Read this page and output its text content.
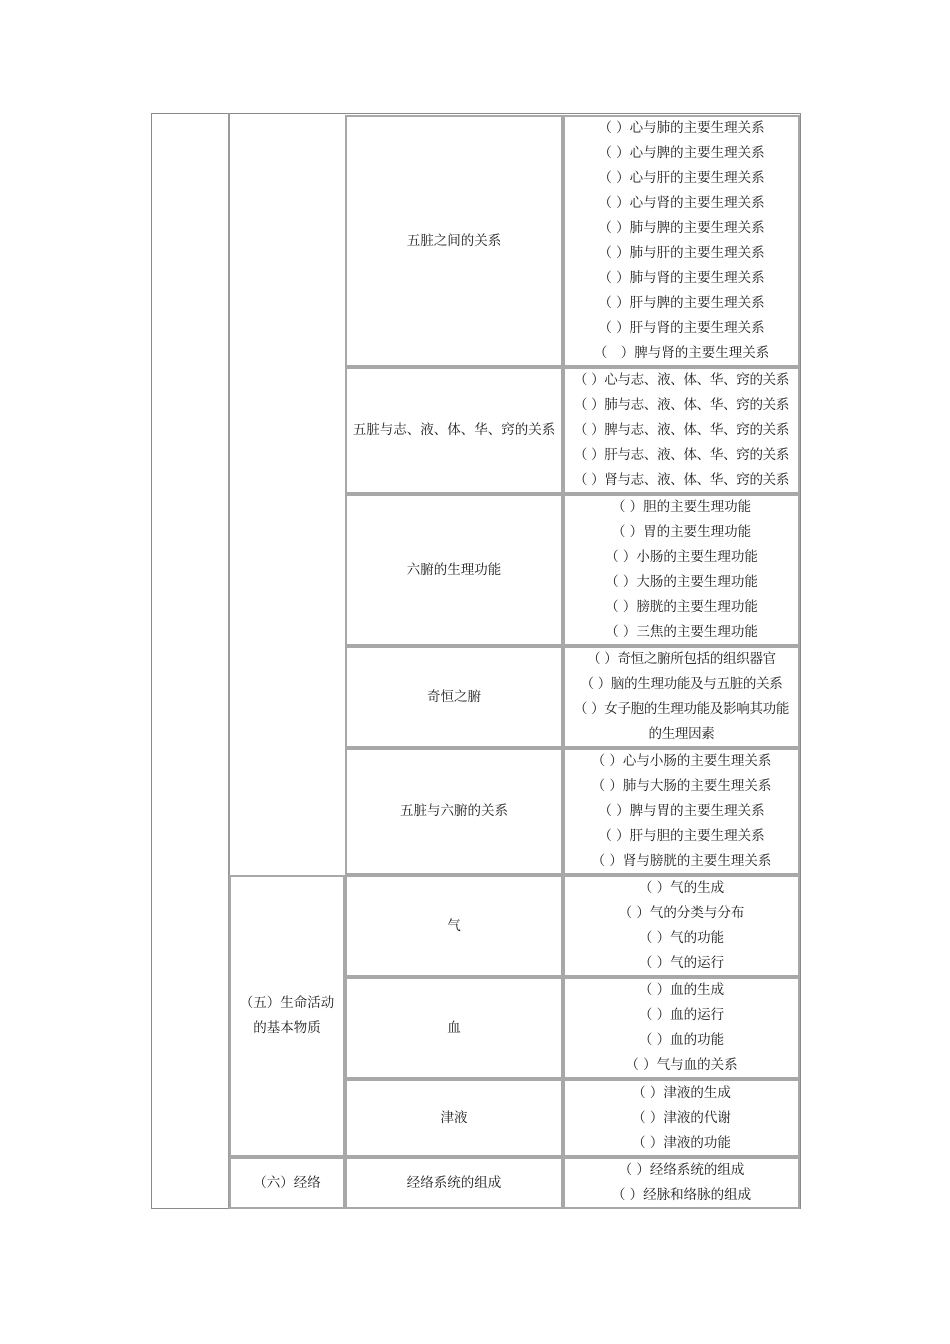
五脏之间的关系
（ ）心与肺的主要生理关系
（ ）心与脾的主要生理关系
（ ）心与肝的主要生理关系
（ ）心与肾的主要生理关系
（ ）肺与脾的主要生理关系
（ ）肺与肝的主要生理关系
（ ）肺与肾的主要生理关系
（ ）肝与脾的主要生理关系
（ ）肝与肾的主要生理关系
（　）脾与肾的主要生理关系
五脏与志、液、体、华、窍的关系
（ ）心与志、液、体、华、窍的关系
（ ）肺与志、液、体、华、窍的关系
（ ）脾与志、液、体、华、窍的关系
（ ）肝与志、液、体、华、窍的关系
（ ）肾与志、液、体、华、窍的关系
六腑的生理功能
（ ）胆的主要生理功能
（ ）胃的主要生理功能
（ ）小肠的主要生理功能
（ ）大肠的主要生理功能
（ ）膀胱的主要生理功能
（ ）三焦的主要生理功能
奇恒之腑
（ ）奇恒之腑所包括的组织器官
（ ）脑的生理功能及与五脏的关系
（ ）女子胞的生理功能及影响其功能
的生理因素
五脏与六腑的关系
（ ）心与小肠的主要生理关系
（ ）肺与大肠的主要生理关系
（ ）脾与胃的主要生理关系
（ ）肝与胆的主要生理关系
（ ）肾与膀胱的主要生理关系
（五）生命活动的基本物质
气
（ ）气的生成
（ ）气的分类与分布
（ ）气的功能
（ ）气的运行
血
（ ）血的生成
（ ）血的运行
（ ）血的功能
（ ）气与血的关系
津液
（ ）津液的生成
（ ）津液的代谢
（ ）津液的功能
（六）经络	经络系统的组成
（ ）经络系统的组成
（ ）经脉和络脉的组成
